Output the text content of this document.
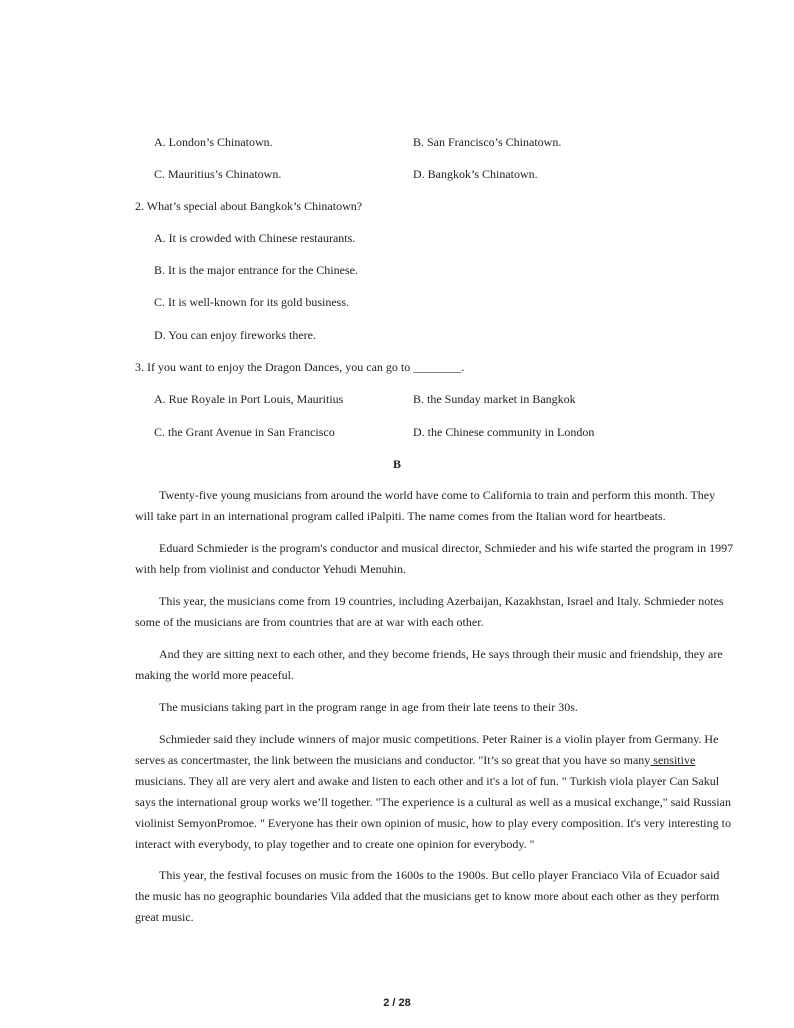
A. London’s Chinatown.	B. San Francisco’s Chinatown.
C. Mauritius’s Chinatown.	D. Bangkok’s Chinatown.
2. What’s special about Bangkok’s Chinatown?
A. It is crowded with Chinese restaurants.
B. It is the major entrance for the Chinese.
C. It is well-known for its gold business.
D. You can enjoy fireworks there.
3. If you want to enjoy the Dragon Dances, you can go to ________.
A. Rue Royale in Port Louis, Mauritius	B. the Sunday market in Bangkok
C. the Grant Avenue in San Francisco	D. the Chinese community in London
B

Twenty-five young musicians from around the world have come to California to train and perform this month. They will take part in an international program called iPalpiti. The name comes from the Italian word for heartbeats.

Eduard Schmieder is the program's conductor and musical director, Schmieder and his wife started the program in 1997 with help from violinist and conductor Yehudi Menuhin.

This year, the musicians come from 19 countries, including Azerbaijan, Kazakhstan, Israel and Italy. Schmieder notes some of the musicians are from countries that are at war with each other.

And they are sitting next to each other, and they become friends, He says through their music and friendship, they are making the world more peaceful.

The musicians taking part in the program range in age from their late teens to their 30s.

Schmieder said they include winners of major music competitions. Peter Rainer is a violin player from Germany. He serves as concertmaster, the link between the musicians and conductor. "It’s so great that you have so many sensitive musicians. They all are very alert and awake and listen to each other and it's a lot of fun. " Turkish viola player Can Sakul says the international group works we’ll together. "The experience is a cultural as well as a musical exchange," said Russian violinist SemyonPromoe. " Everyone has their own opinion of music, how to play every composition. It's very interesting to interact with everybody, to play together and to create one opinion for everybody. "

This year, the festival focuses on music from the 1600s to the 1900s. But cello player Franciaco Vila of Ecuador said the music has no geographic boundaries Vila added that the musicians get to know more about each other as they perform great music.

2 / 28
